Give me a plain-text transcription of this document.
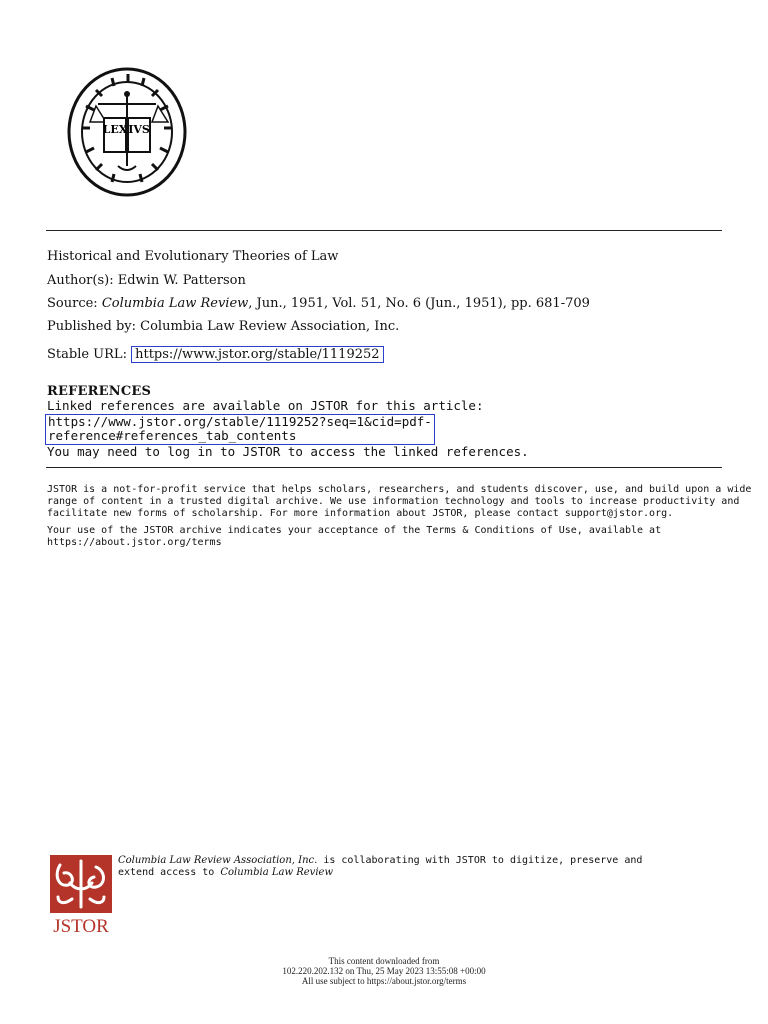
LEX IVS
Historical and Evolutionary Theories of Law
Author(s): Edwin W. Patterson
Source: Columbia Law Review, Jun., 1951, Vol. 51, No. 6 (Jun., 1951), pp. 681-709
Published by: Columbia Law Review Association, Inc.
Stable URL: https://www.jstor.org/stable/1119252
REFERENCES
Linked references are available on JSTOR for this article:
https://www.jstor.org/stable/1119252?seq=1&cid=pdf-
reference#references_tab_contents
You may need to log in to JSTOR to access the linked references.
JSTOR is a not-for-profit service that helps scholars, researchers, and students discover, use, and build upon a wide
range of content in a trusted digital archive. We use information technology and tools to increase productivity and
facilitate new forms of scholarship. For more information about JSTOR, please contact support@jstor.org.
Your use of the JSTOR archive indicates your acceptance of the Terms & Conditions of Use, available at
https://about.jstor.org/terms
JSTOR
Columbia Law Review Association, Inc. is collaborating with JSTOR to digitize, preserve and
extend access to Columbia Law Review
This content downloaded from
102.220.202.132 on Thu, 25 May 2023 13:55:08 +00:00
All use subject to https://about.jstor.org/terms
